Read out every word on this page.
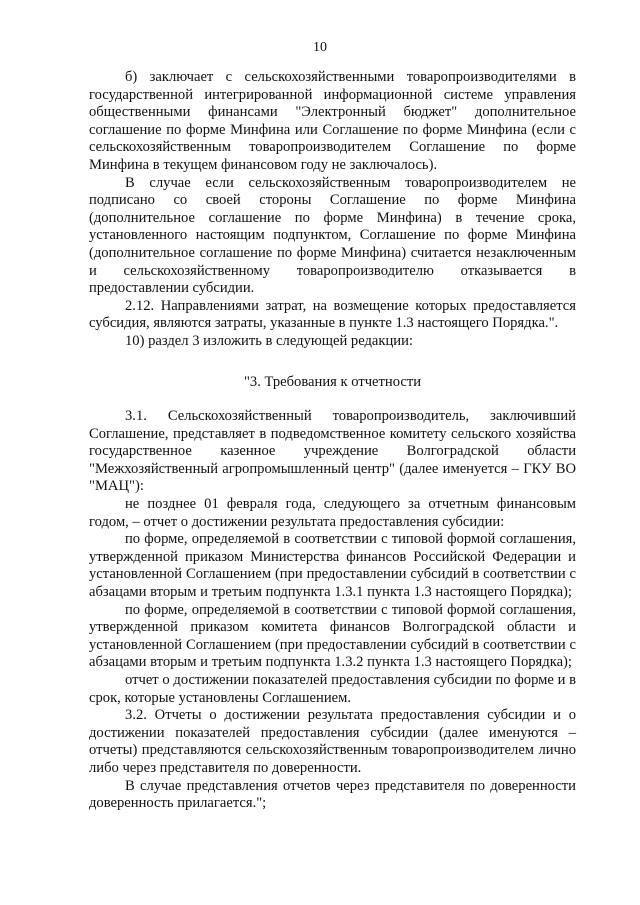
10

б) заключает с сельскохозяйственными товаропроизводителями в государственной интегрированной информационной системе управления общественными финансами "Электронный бюджет" дополнительное соглашение по форме Минфина или Соглашение по форме Минфина (если с сельскохозяйственным товаропроизводителем Соглашение по форме Минфина в текущем финансовом году не заключалось).

В случае если сельскохозяйственным товаропроизводителем не подписано со своей стороны Соглашение по форме Минфина (дополнительное соглашение по форме Минфина) в течение срока, установленного настоящим подпунктом, Соглашение по форме Минфина (дополнительное соглашение по форме Минфина) считается незаключенным и сельскохозяйственному товаропроизводителю отказывается в предоставлении субсидии.

2.12. Направлениями затрат, на возмещение которых предоставляется субсидия, являются затраты, указанные в пункте 1.3 настоящего Порядка.".

10) раздел 3 изложить в следующей редакции:

"3. Требования к отчетности

3.1. Сельскохозяйственный товаропроизводитель, заключивший Соглашение, представляет в подведомственное комитету сельского хозяйства государственное казенное учреждение Волгоградской области "Межхозяйственный агропромышленный центр" (далее именуется – ГКУ ВО "МАЦ"):

не позднее 01 февраля года, следующего за отчетным финансовым годом, – отчет о достижении результата предоставления субсидии:

по форме, определяемой в соответствии с типовой формой соглашения, утвержденной приказом Министерства финансов Российской Федерации и установленной Соглашением (при предоставлении субсидий в соответствии с абзацами вторым и третьим подпункта 1.3.1 пункта 1.3 настоящего Порядка);

по форме, определяемой в соответствии с типовой формой соглашения, утвержденной приказом комитета финансов Волгоградской области и установленной Соглашением (при предоставлении субсидий в соответствии с абзацами вторым и третьим подпункта 1.3.2 пункта 1.3 настоящего Порядка);

отчет о достижении показателей предоставления субсидии по форме и в срок, которые установлены Соглашением.

3.2. Отчеты о достижении результата предоставления субсидии и о достижении показателей предоставления субсидии (далее именуются – отчеты) представляются сельскохозяйственным товаропроизводителем лично либо через представителя по доверенности.

В случае представления отчетов через представителя по доверенности доверенность прилагается.";
